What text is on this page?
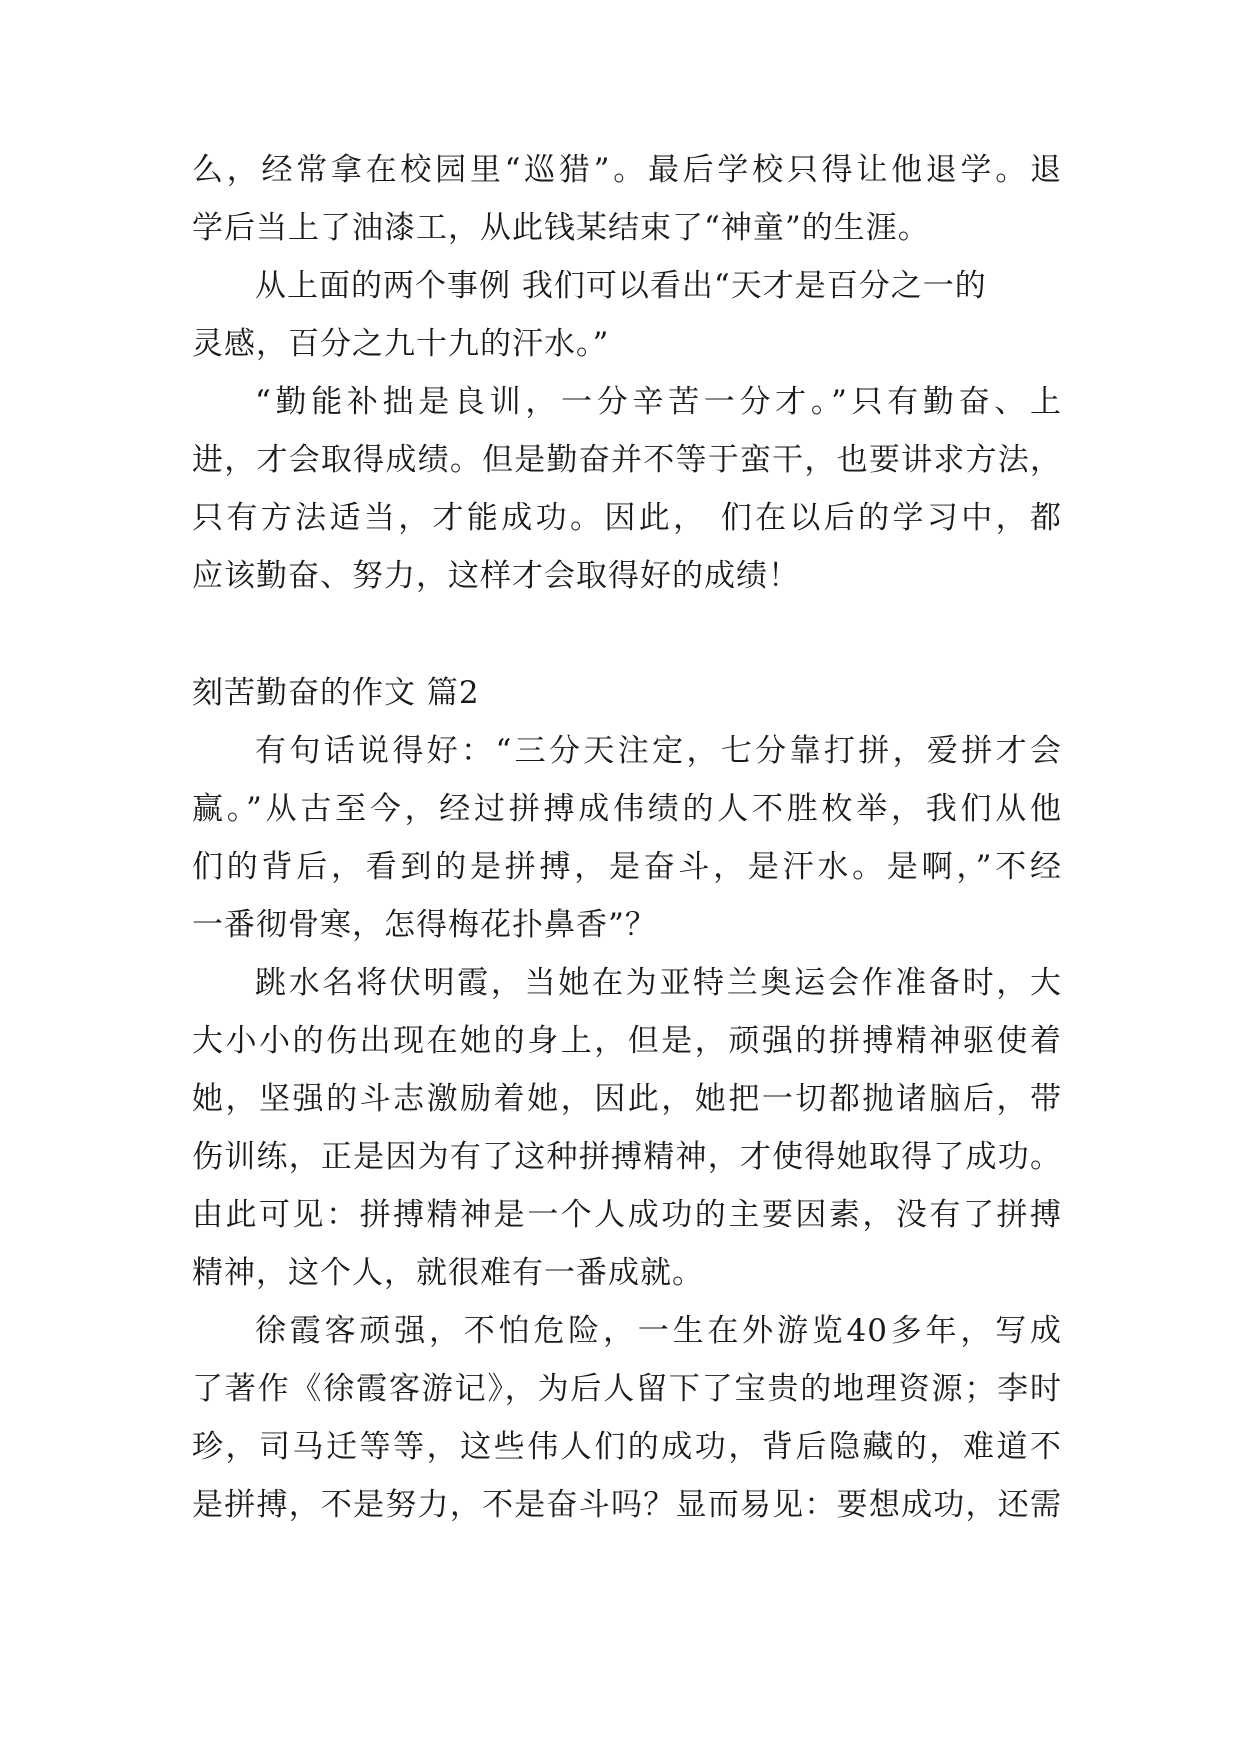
么，经常拿在校园里“巡猎”。最后学校只得让他退学。退
学后当上了油漆工，从此钱某结束了“神童”的生涯。
从上面的两个事例 我们可以看出“天才是百分之一的
灵感，百分之九十九的汗水。”
“勤能补拙是良训，一分辛苦一分才。”只有勤奋、上
进，才会取得成绩。但是勤奋并不等于蛮干，也要讲求方法，
只有方法适当，才能成功。因此， 们在以后的学习中，都
应该勤奋、努力，这样才会取得好的成绩！
刻苦勤奋的作文 篇2
有句话说得好：“三分天注定，七分靠打拼，爱拼才会
赢。”从古至今，经过拼搏成伟绩的人不胜枚举，我们从他
们的背后，看到的是拼搏，是奋斗，是汗水。是啊，”不经
一番彻骨寒，怎得梅花扑鼻香”？
跳水名将伏明霞，当她在为亚特兰奥运会作准备时，大
大小小的伤出现在她的身上，但是，顽强的拼搏精神驱使着
她，坚强的斗志激励着她，因此，她把一切都抛诸脑后，带
伤训练，正是因为有了这种拼搏精神，才使得她取得了成功。
由此可见：拼搏精神是一个人成功的主要因素，没有了拼搏
精神，这个人，就很难有一番成就。
徐霞客顽强，不怕危险，一生在外游览40多年，写成
了著作《徐霞客游记》，为后人留下了宝贵的地理资源；李时
珍，司马迁等等，这些伟人们的成功，背后隐藏的，难道不
是拼搏，不是努力，不是奋斗吗？显而易见：要想成功，还需
